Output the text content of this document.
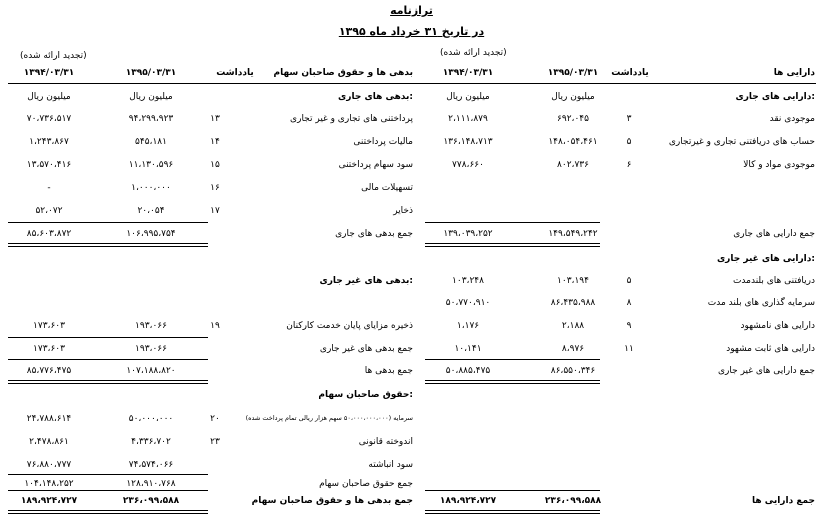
ترازنامه
در تاریخ ۳۱ خرداد ماه ۱۳۹۵
(تجدید ارائه شده)	(تجدید ارائه شده)
دارایی ها
یادداشت
۱۳۹۵/۰۳/۳۱
۱۳۹۴/۰۳/۳۱
بدهی ها و حقوق صاحبان سهام
یادداشت
۱۳۹۵/۰۳/۳۱
۱۳۹۴/۰۳/۳۱
میلیون ریال
میلیون ریال
میلیون ریال
میلیون ریال	دارایی های جاری:
موجودی نقد
۳
۶۹۲،۰۴۵
۲،۱۱۱،۸۷۹
حساب های دریافتنی تجاری و غیرتجاری
۵
۱۴۸،۰۵۴،۴۶۱
۱۳۶،۱۴۸،۷۱۳
موجودی مواد و کالا
۶
۸۰۲،۷۳۶
۷۷۸،۶۶۰
جمع دارایی های جاری
۱۴۹،۵۴۹،۲۴۲
۱۳۹،۰۳۹،۲۵۲
دارایی های غیر جاری:
دریافتنی های بلندمدت
۵
۱۰۳،۱۹۴
۱۰۳،۲۴۸
سرمایه گذاری های بلند مدت
۸
۸۶،۴۳۵،۹۸۸
۵۰،۷۷۰،۹۱۰
دارایی های نامشهود
۹
۲،۱۸۸
۱،۱۷۶
دارایی های ثابت مشهود
۱۱
۸،۹۷۶
۱۰،۱۴۱
جمع دارایی های غیر جاری
۸۶،۵۵۰،۳۴۶
۵۰،۸۸۵،۴۷۵
جمع دارایی ها
۲۳۶،۰۹۹،۵۸۸
۱۸۹،۹۲۴،۷۲۷
بدهی های جاری:
پرداختنی های تجاری و غیر تجاری
۱۳
۹۴،۲۹۹،۹۲۳
۷۰،۷۳۶،۵۱۷
مالیات پرداختنی
۱۴
۵۴۵،۱۸۱
۱،۲۴۳،۸۶۷
سود سهام پرداختنی
۱۵
۱۱،۱۳۰،۵۹۶
۱۳،۵۷۰،۴۱۶
تسهیلات مالی
۱۶
۱،۰۰۰،۰۰۰
-
ذخایر
۱۷
۲۰،۰۵۴
۵۲،۰۷۲
جمع بدهی های جاری
۱۰۶،۹۹۵،۷۵۴
۸۵،۶۰۳،۸۷۲
بدهی های غیر جاری:
ذخیره مزایای پایان خدمت کارکنان
۱۹
۱۹۳،۰۶۶
۱۷۳،۶۰۳
جمع بدهی های غیر جاری
۱۹۳،۰۶۶
۱۷۳،۶۰۳
جمع بدهی ها
۱۰۷،۱۸۸،۸۲۰
۸۵،۷۷۶،۴۷۵
حقوق صاحبان سهام:
سرمایه (۵۰،۰۰۰،۰۰۰،۰۰۰ سهم هزار ریالی تمام پرداخت شده)
۲۰
۵۰،۰۰۰،۰۰۰
۲۴،۷۸۸،۶۱۴
اندوخته قانونی
۲۳
۴،۳۳۶،۷۰۲
۲،۴۷۸،۸۶۱
سود انباشته
۷۴،۵۷۴،۰۶۶
۷۶،۸۸۰،۷۷۷
جمع حقوق صاحبان سهام
۱۲۸،۹۱۰،۷۶۸
۱۰۴،۱۴۸،۲۵۲
جمع بدهی ها و حقوق صاحبان سهام
۲۳۶،۰۹۹،۵۸۸
۱۸۹،۹۲۴،۷۲۷
